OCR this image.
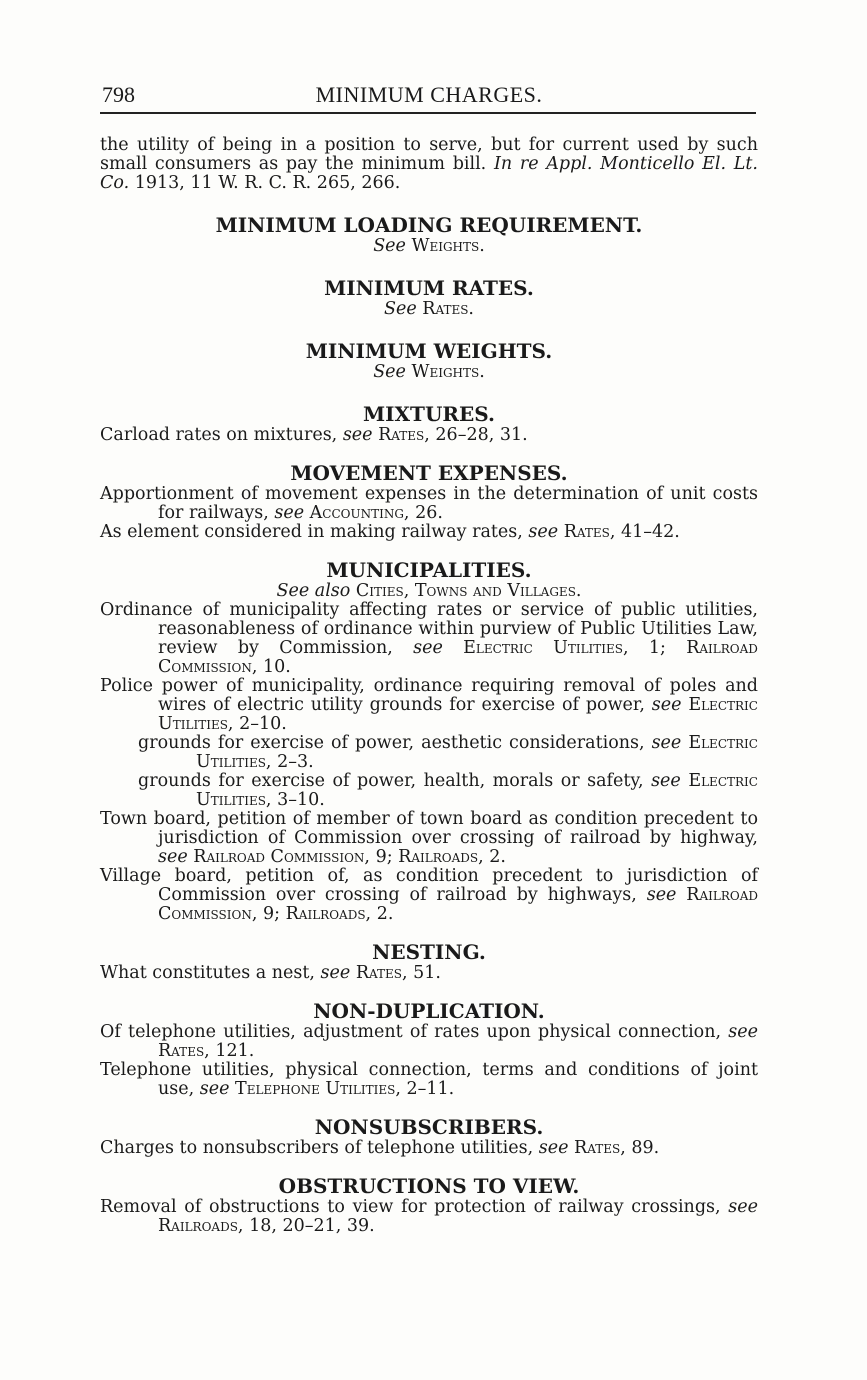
798	MINIMUM CHARGES.

the utility of being in a position to serve, but for current used by such small consumers as pay the minimum bill. In re Appl. Monticello El. Lt. Co. 1913, 11 W. R. C. R. 265, 266.

MINIMUM LOADING REQUIREMENT.

See Weights.

MINIMUM RATES.

See Rates.

MINIMUM WEIGHTS.

See Weights.

MIXTURES.

Carload rates on mixtures, see Rates, 26–28, 31.

MOVEMENT EXPENSES.

Apportionment of movement expenses in the determination of unit costs for railways, see Accounting, 26.

As element considered in making railway rates, see Rates, 41–42.

MUNICIPALITIES.

See also Cities, Towns and Villages.

Ordinance of municipality affecting rates or service of public utilities, reasonableness of ordinance within purview of Public Utilities Law, review by Commission, see Electric Utilities, 1; Railroad Commission, 10.

Police power of municipality, ordinance requiring removal of poles and wires of electric utility grounds for exercise of power, see Electric Utilities, 2–10.

grounds for exercise of power, aesthetic considerations, see Electric Utilities, 2–3.

grounds for exercise of power, health, morals or safety, see Electric Utilities, 3–10.

Town board, petition of member of town board as condition precedent to jurisdiction of Commission over crossing of railroad by highway, see Railroad Commission, 9; Railroads, 2.

Village board, petition of, as condition precedent to jurisdiction of Commission over crossing of railroad by highways, see Railroad Commission, 9; Railroads, 2.

NESTING.

What constitutes a nest, see Rates, 51.

NON-DUPLICATION.

Of telephone utilities, adjustment of rates upon physical connection, see Rates, 121.

Telephone utilities, physical connection, terms and conditions of joint use, see Telephone Utilities, 2–11.

NONSUBSCRIBERS.

Charges to nonsubscribers of telephone utilities, see Rates, 89.

OBSTRUCTIONS TO VIEW.

Removal of obstructions to view for protection of railway crossings, see Railroads, 18, 20–21, 39.
